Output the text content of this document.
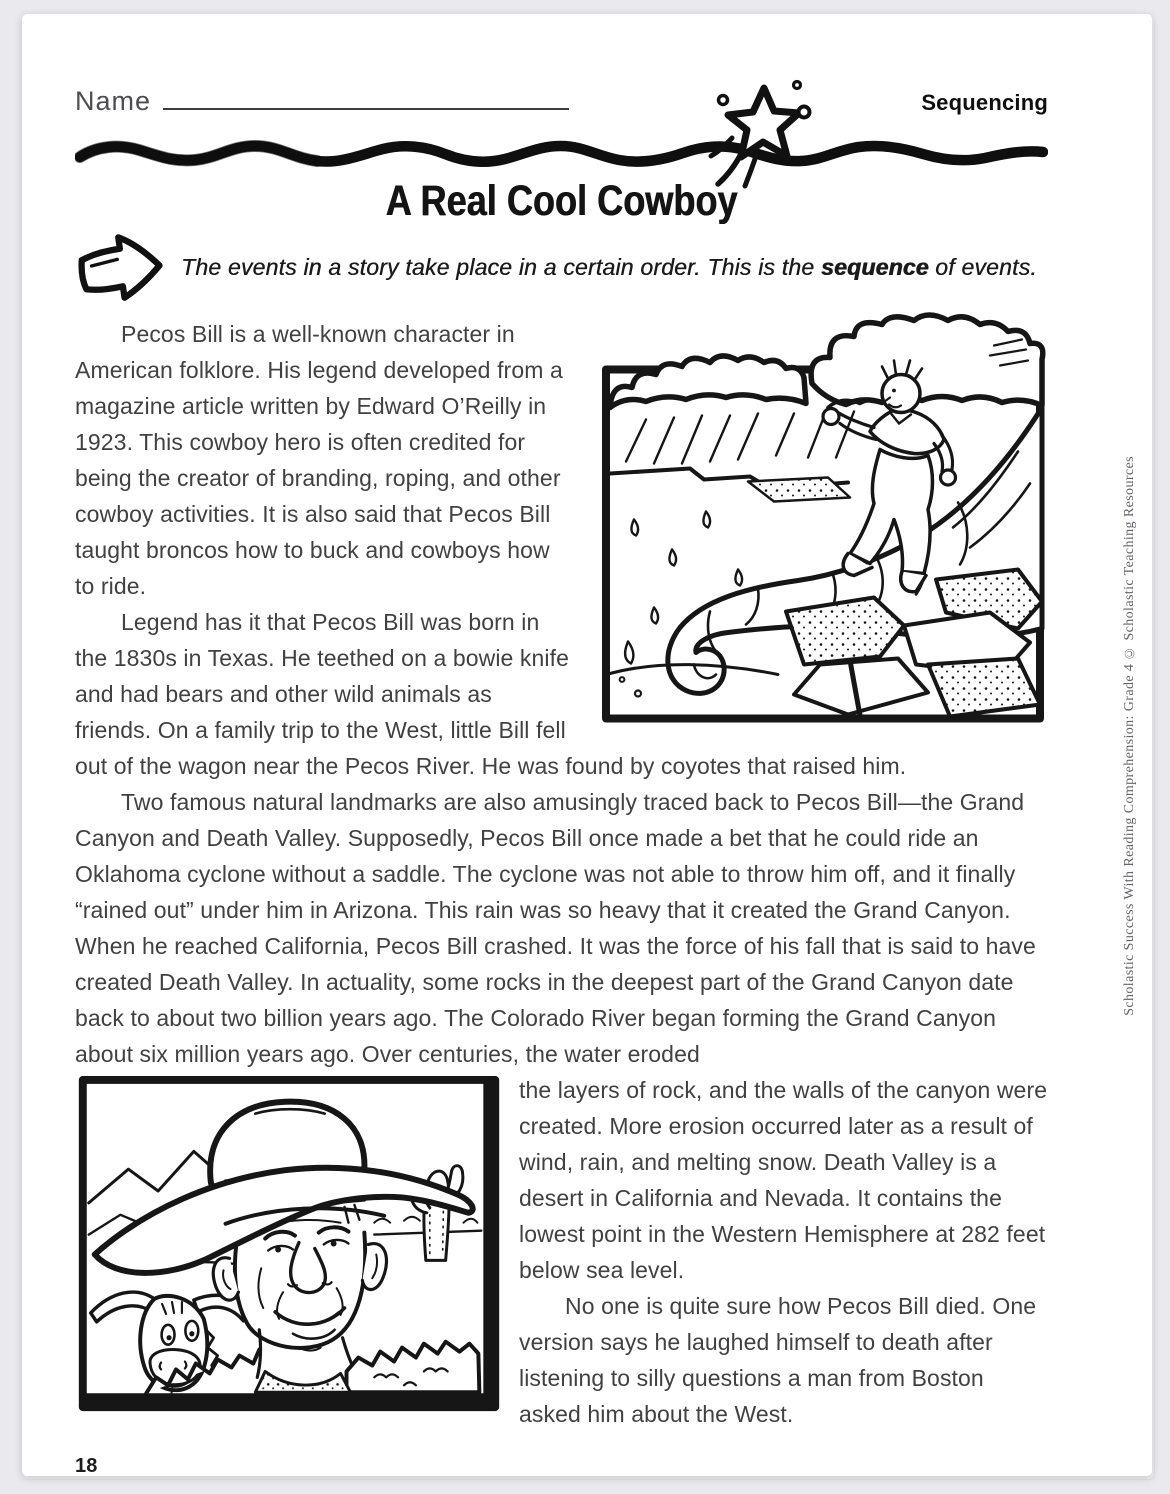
Name	Sequencing
A Real Cool Cowboy
The events in a story take place in a certain order. This is the sequence of events.

Pecos Bill is a well-known character in American folklore. His legend developed from a magazine article written by Edward O’Reilly in 1923. This cowboy hero is often credited for being the creator of branding, roping, and other cowboy activities. It is also said that Pecos Bill taught broncos how to buck and cowboys how to ride.

Legend has it that Pecos Bill was born in the 1830s in Texas. He teethed on a bowie knife and had bears and other wild animals as friends. On a family trip to the West, little Bill fell out of the wagon near the Pecos River. He was found by coyotes that raised him.

Two famous natural landmarks are also amusingly traced back to Pecos Bill—the Grand Canyon and Death Valley. Supposedly, Pecos Bill once made a bet that he could ride an Oklahoma cyclone without a saddle. The cyclone was not able to throw him off, and it finally “rained out” under him in Arizona. This rain was so heavy that it created the Grand Canyon. When he reached California, Pecos Bill crashed. It was the force of his fall that is said to have created Death Valley. In actuality, some rocks in the deepest part of the Grand Canyon date back to about two billion years ago. The Colorado River began forming the Grand Canyon about six million years ago. Over centuries, the water eroded

the layers of rock, and the walls of the canyon were created. More erosion occurred later as a result of wind, rain, and melting snow. Death Valley is a desert in California and Nevada. It contains the lowest point in the Western Hemisphere at 282 feet below sea level.

No one is quite sure how Pecos Bill died. One version says he laughed himself to death after listening to silly questions a man from Boston asked him about the West.

18
Scholastic Success With Reading Comprehension: Grade 4 © Scholastic Teaching Resources
